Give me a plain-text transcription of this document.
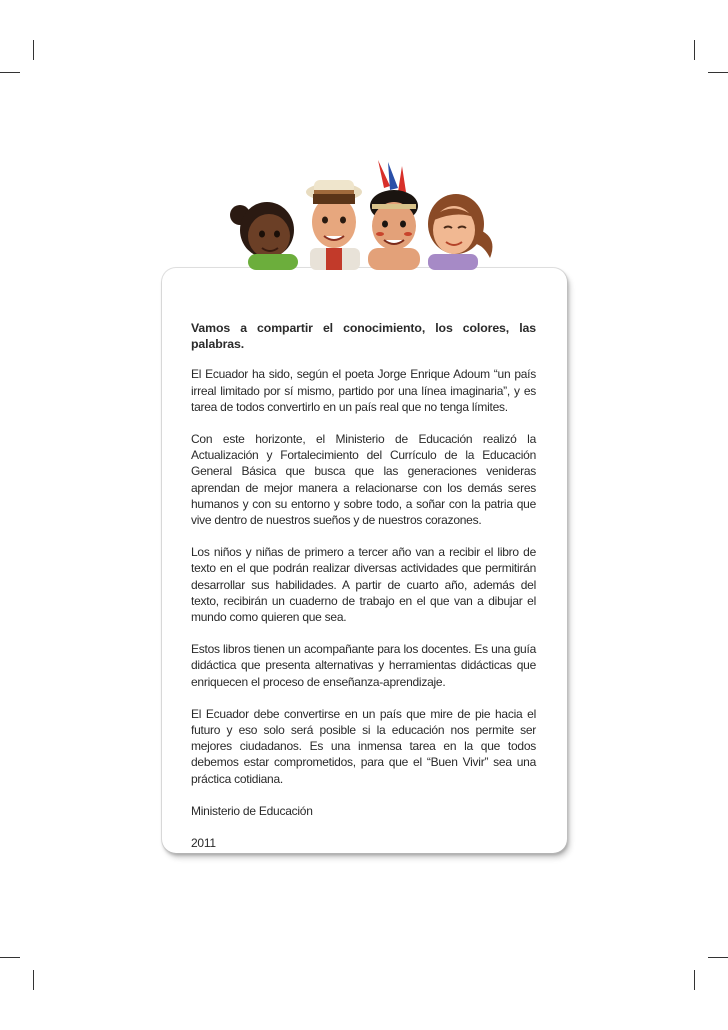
Vamos a compartir el conocimiento, los colores, las palabras.

El Ecuador ha sido, según el poeta Jorge Enrique Adoum “un país irreal limitado por sí mismo, partido por una línea imaginaria”, y es tarea de todos convertirlo en un país real que no tenga límites.

Con este horizonte, el Ministerio de Educación realizó la Actualización y Fortalecimiento del Currículo de la Educación General Básica que busca que las generaciones venideras aprendan de mejor manera a relacionarse con los demás seres humanos y con su entorno y sobre todo, a soñar con la patria que vive dentro de nuestros sueños y de nuestros corazones.

Los niños y niñas de primero a tercer año van a recibir el libro de texto en el que podrán realizar diversas actividades que permitirán desarrollar sus habilidades. A partir de cuarto año, además del texto, recibirán un cuaderno de trabajo en el que van a dibujar el mundo como quieren que sea.

Estos libros tienen un acompañante para los docentes. Es una guía didáctica que presenta alternativas y herramientas didácticas que enriquecen el proceso de enseñanza-aprendizaje.

El Ecuador debe convertirse en un país que mire de pie hacia el futuro y eso solo será posible si la educación nos permite ser mejores ciudadanos. Es una inmensa tarea en la que todos debemos estar comprometidos, para que el “Buen Vivir” sea una práctica cotidiana.

Ministerio de Educación

2011
